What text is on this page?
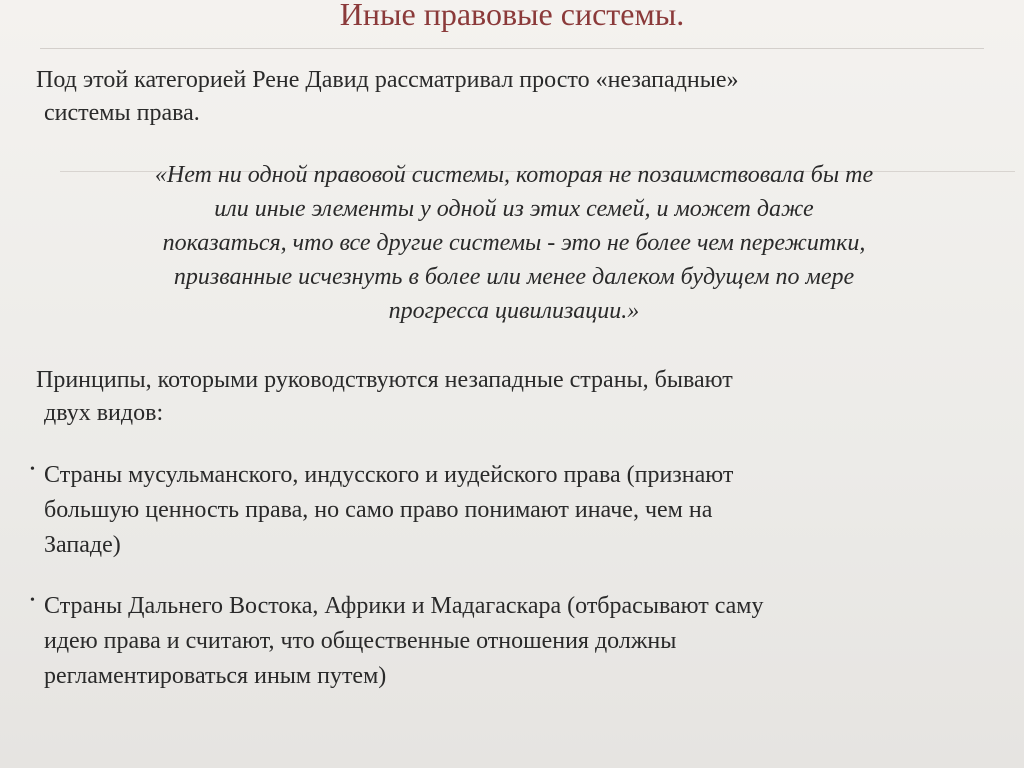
Иные правовые системы.
Под этой категорией Рене Давид рассматривал просто «незападные»
системы права.
«Нет ни одной правовой системы, которая не позаимствовала бы те
или иные элементы у одной из этих семей, и может даже
показаться, что все другие системы - это не более чем пережитки,
призванные исчезнуть в более или менее далеком будущем по мере
прогресса цивилизации.»
Принципы, которыми руководствуются незападные страны, бывают
двух видов:
• Страны мусульманского, индусского и иудейского права (признают
большую ценность права, но само право понимают иначе, чем на
Западе)
• Страны Дальнего Востока, Африки и Мадагаскара (отбрасывают саму
идею права и считают, что общественные отношения должны
регламентироваться иным путем)
